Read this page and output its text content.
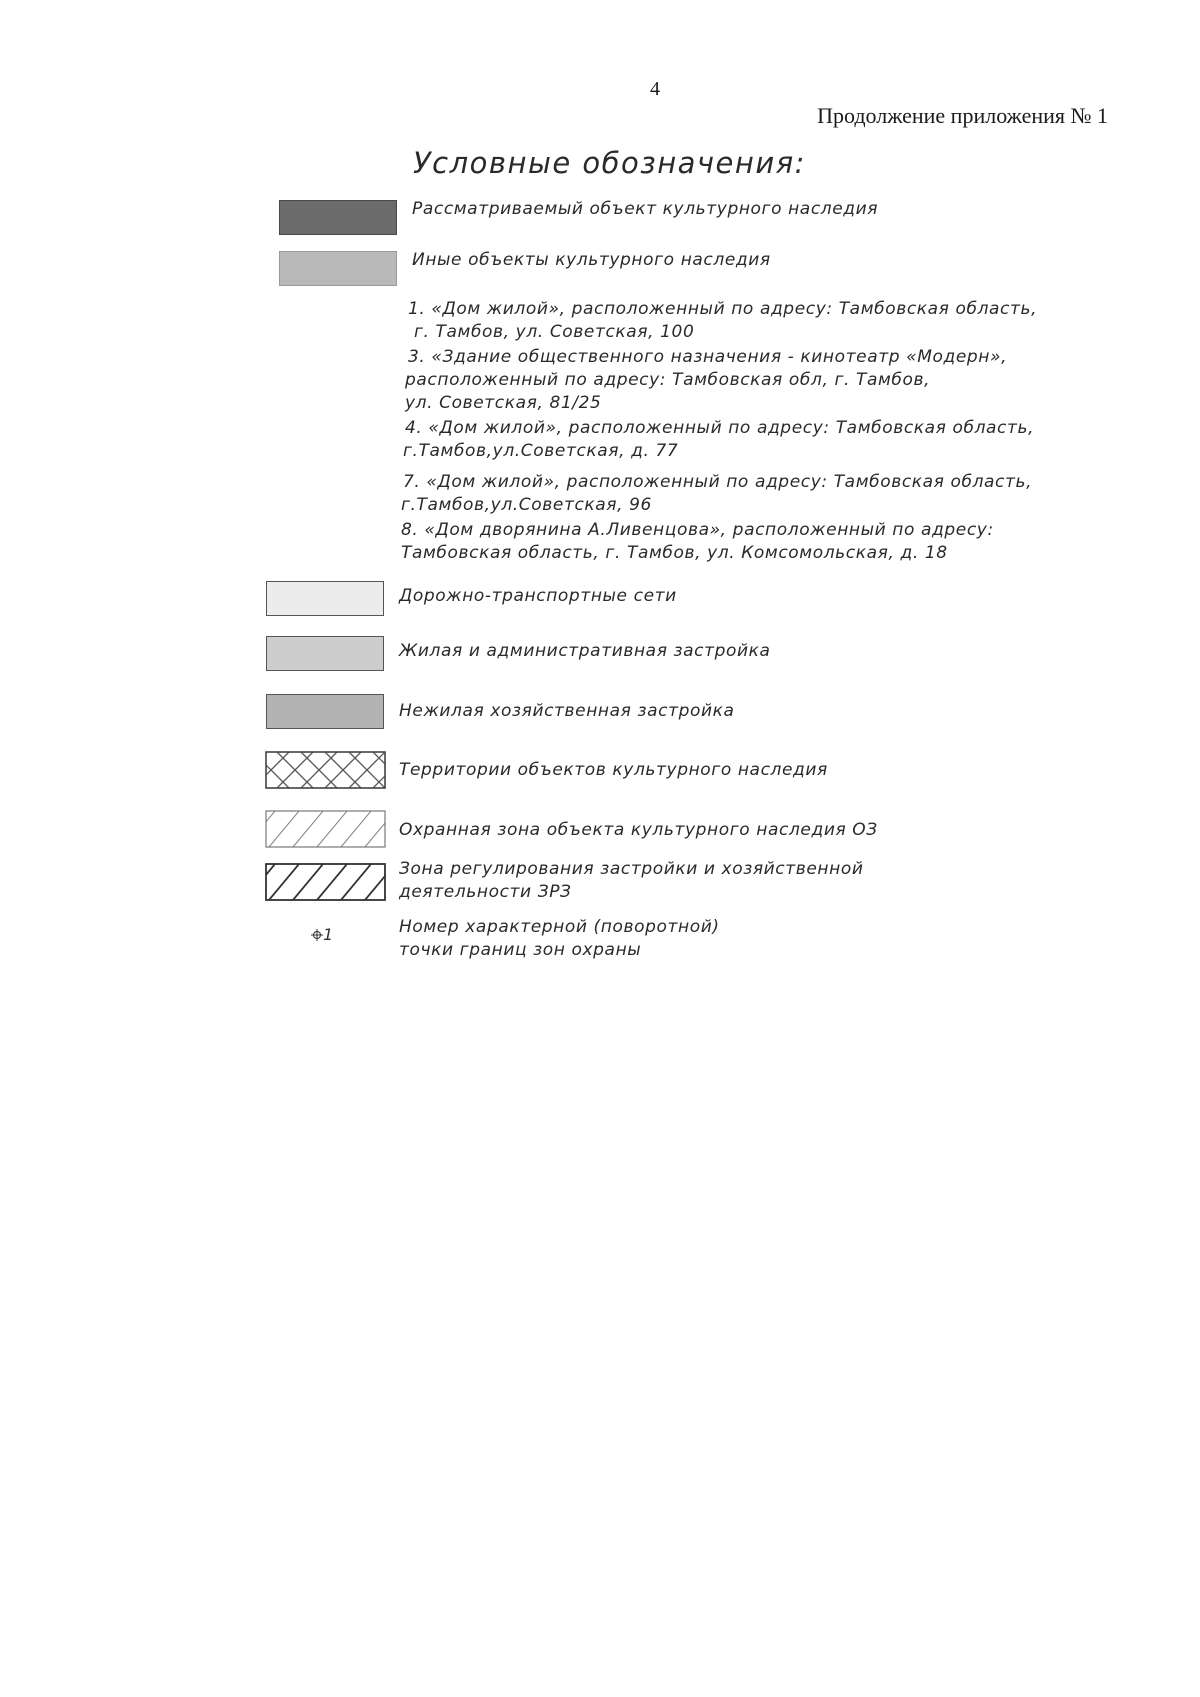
4
Продолжение приложения № 1
Условные обозначения:
Рассматриваемый объект культурного наследия
Иные объекты культурного наследия
1. «Дом жилой», расположенный по адресу: Тамбовская область,
г. Тамбов, ул. Советская, 100
3. «Здание общественного назначения - кинотеатр «Модерн»,
расположенный по адресу: Тамбовская обл, г. Тамбов,
ул. Советская, 81/25
4. «Дом жилой», расположенный по адресу: Тамбовская область,
г.Тамбов,ул.Советская, д. 77
7. «Дом жилой», расположенный по адресу: Тамбовская область,
г.Тамбов,ул.Советская, 96
8. «Дом дворянина А.Ливенцова», расположенный по адресу:
Тамбовская область, г. Тамбов, ул. Комсомольская, д. 18
Дорожно-транспортные сети
Жилая и административная застройка
Нежилая хозяйственная застройка
Территории объектов культурного наследия
Охранная зона объекта культурного наследия ОЗ
Зона регулирования застройки и хозяйственной
деятельности ЗРЗ
1	Номер характерной (поворотной)
точки границ зон охраны
